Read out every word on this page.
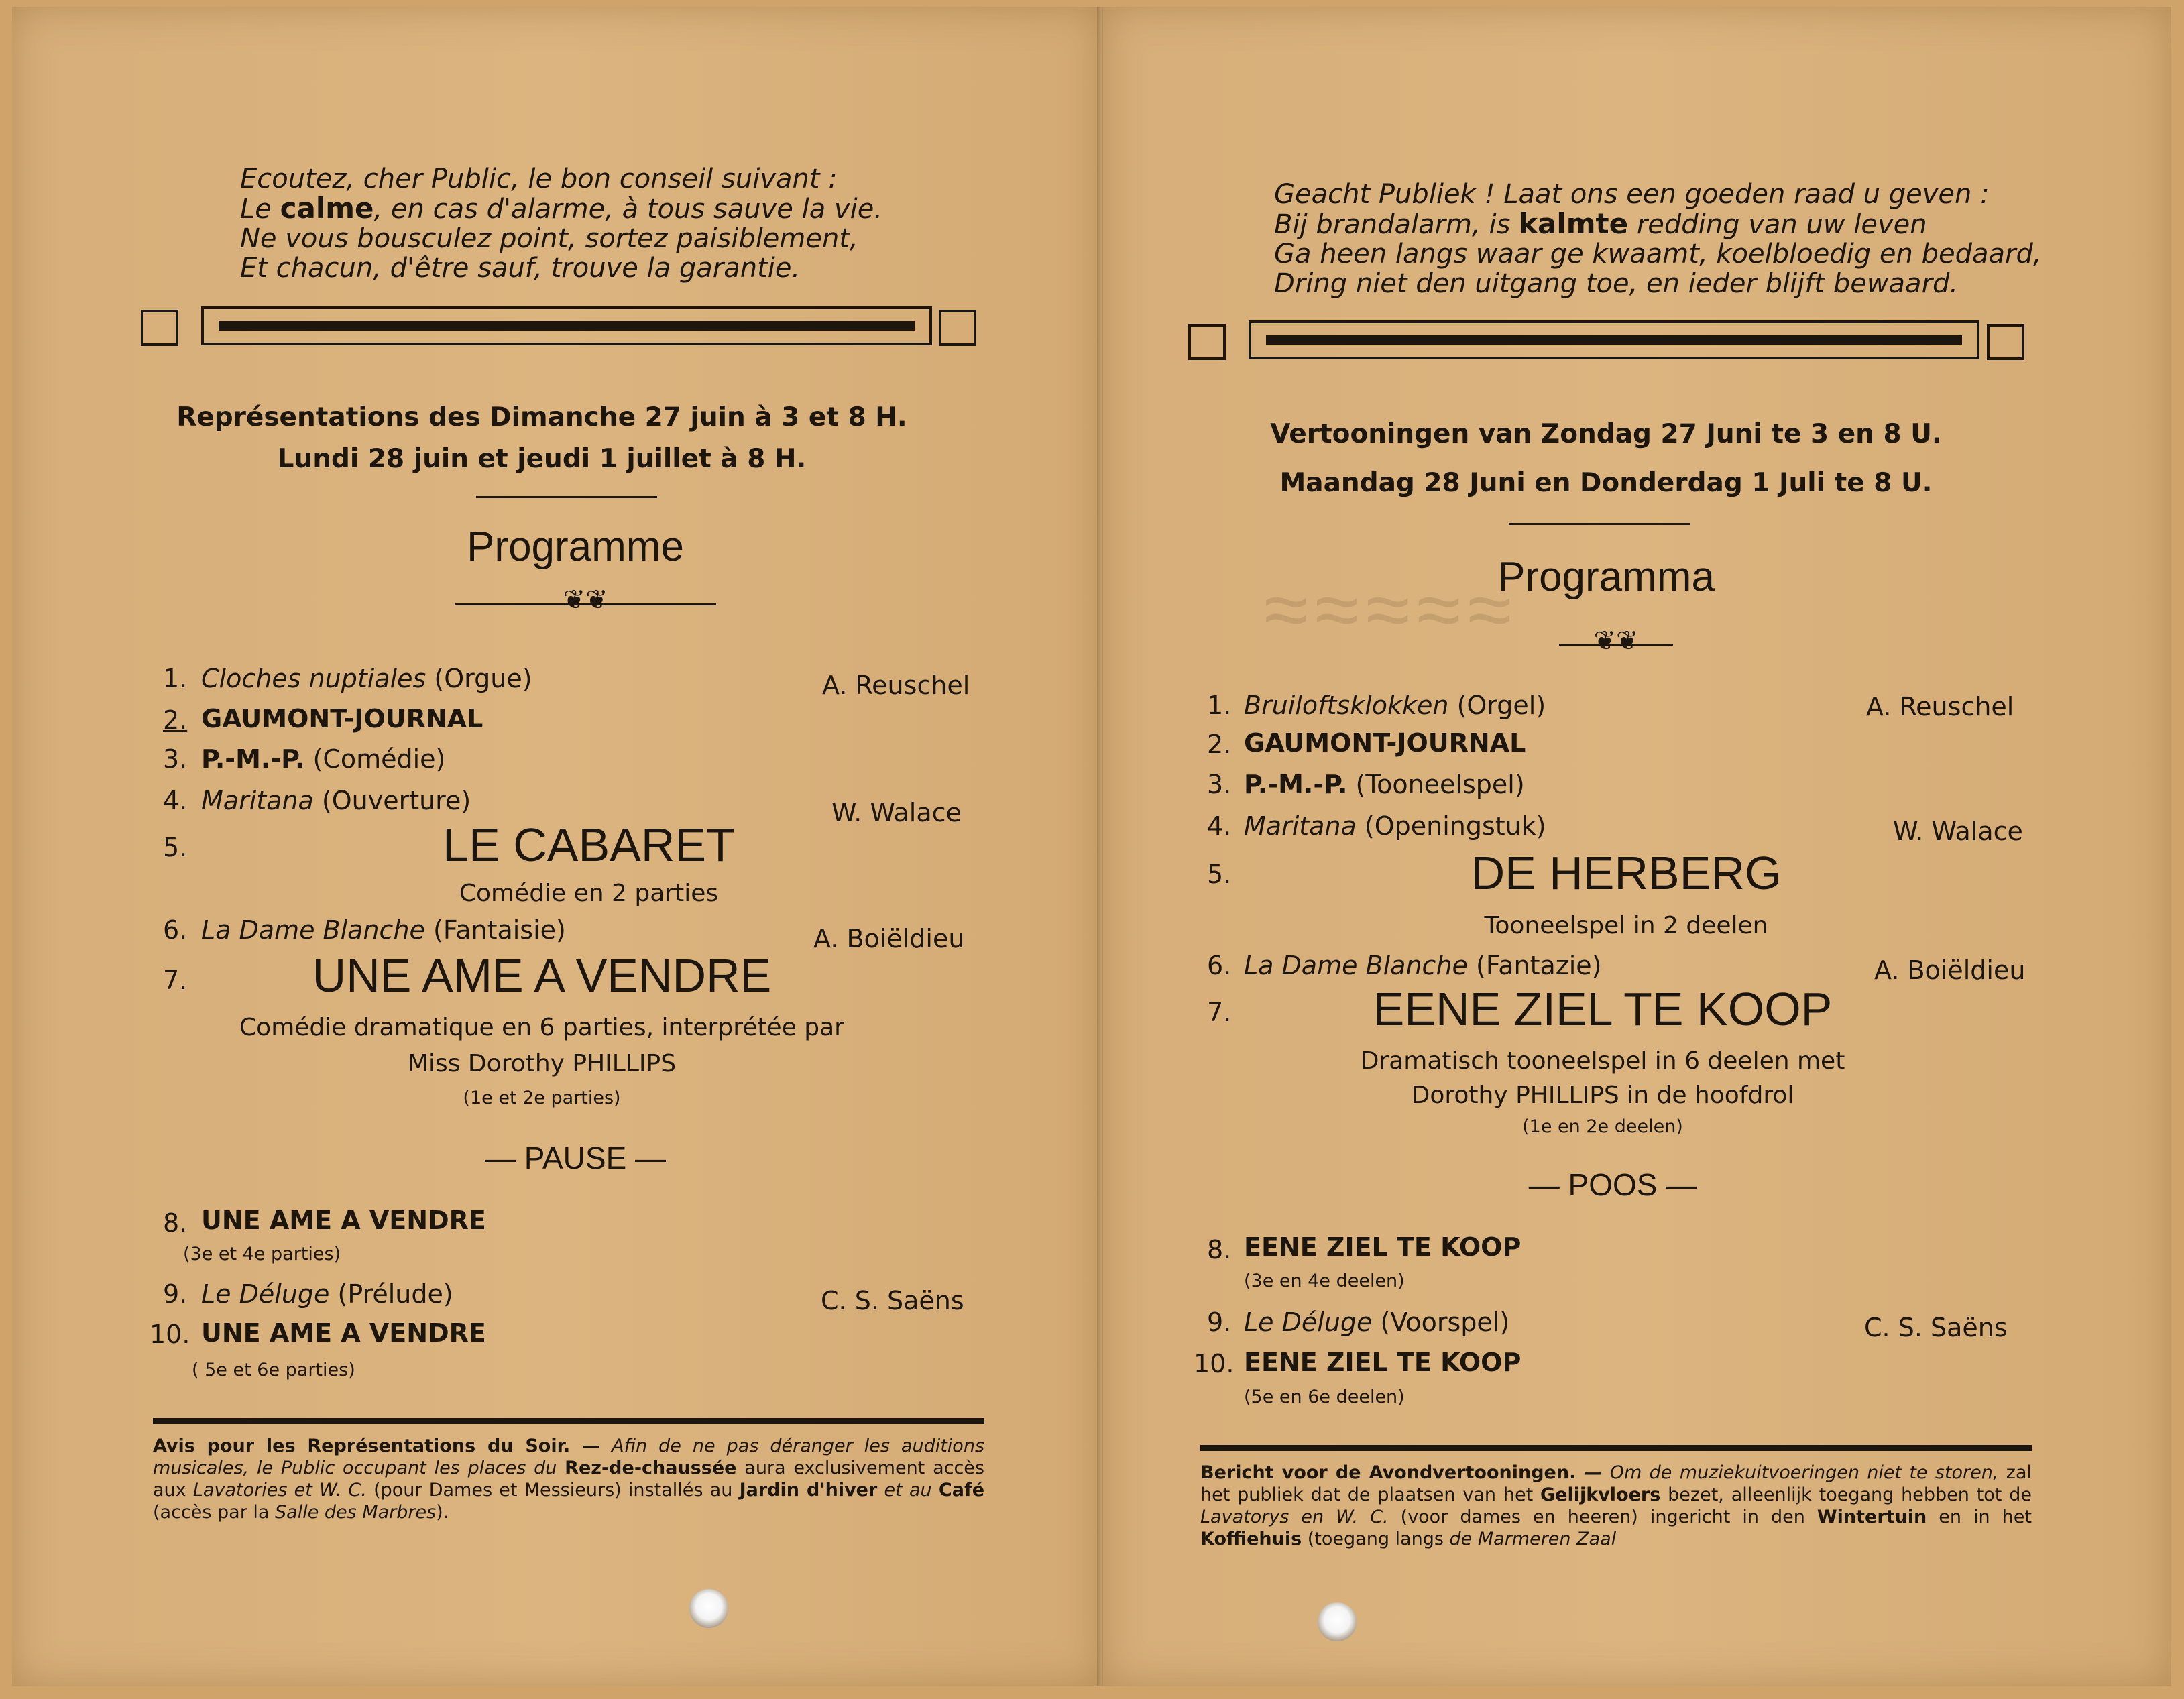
Ecoutez, cher Public, le bon conseil suivant :
Le calme, en cas d'alarme, à tous sauve la vie.
Ne vous bousculez point, sortez paisiblement,
Et chacun, d'être sauf, trouve la garantie.
Représentations des Dimanche 27 juin à 3 et 8 H.
Lundi 28 juin et jeudi 1 juillet à 8 H.
Programme
❦❦
1. Cloches nuptiales (Orgue)	A. Reuschel
2. GAUMONT-JOURNAL
3. P.-M.-P. (Comédie)
4. Maritana (Ouverture)	W. Walace
5.	LE CABARET
Comédie en 2 parties
6. La Dame Blanche (Fantaisie)	A. Boiëldieu
7.	UNE AME A VENDRE
Comédie dramatique en 6 parties, interprétée par
Miss Dorothy PHILLIPS
(1e et 2e parties)
— PAUSE —
8. UNE AME A VENDRE
(3e et 4e parties)
9. Le Déluge (Prélude)	C. S. Saëns
10. UNE AME A VENDRE
( 5e et 6e parties)
Avis pour les Représentations du Soir. — Afin de ne pas déranger les auditions musicales, le Public occupant les places du Rez-de-chaussée aura exclusivement accès aux Lavatories et W. C. (pour Dames et Messieurs) installés au Jardin d'hiver et au Café (accès par la Salle des Marbres).
Geacht Publiek ! Laat ons een goeden raad u geven :
Bij brandalarm, is kalmte redding van uw leven
Ga heen langs waar ge kwaamt, koelbloedig en bedaard,
Dring niet den uitgang toe, en ieder blijft bewaard.
Vertooningen van Zondag 27 Juni te 3 en 8 U.
Maandag 28 Juni en Donderdag 1 Juli te 8 U.
≈≈≈≈≈
Programma
❦❦
1. Bruiloftsklokken (Orgel)	A. Reuschel
2. GAUMONT-JOURNAL
3. P.-M.-P. (Tooneelspel)
4. Maritana (Openingstuk)	W. Walace
5.	DE HERBERG
Tooneelspel in 2 deelen
6. La Dame Blanche (Fantazie)	A. Boiëldieu
7.	EENE ZIEL TE KOOP
Dramatisch tooneelspel in 6 deelen met
Dorothy PHILLIPS in de hoofdrol
(1e en 2e deelen)
— POOS —
8. EENE ZIEL TE KOOP
(3e en 4e deelen)
9. Le Déluge (Voorspel)	C. S. Saëns
10. EENE ZIEL TE KOOP
(5e en 6e deelen)
Bericht voor de Avondvertooningen. — Om de muziekuitvoeringen niet te storen, zal het publiek dat de plaatsen van het Gelijkvloers bezet, alleenlijk toegang hebben tot de Lavatorys en W. C. (voor dames en heeren) ingericht in den Wintertuin en in het Koffiehuis (toegang langs de Marmeren Zaal
